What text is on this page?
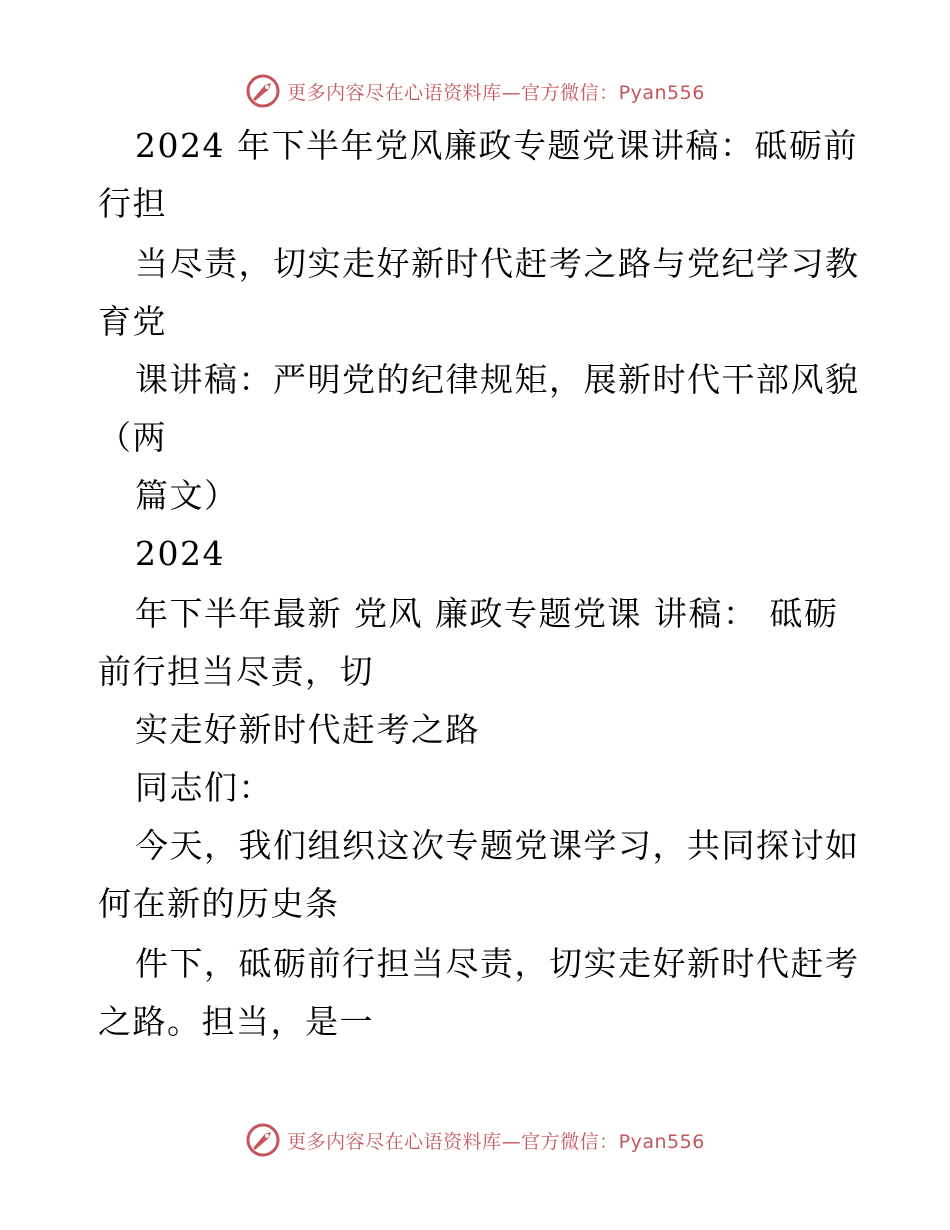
更多内容尽在心语资料库—官方微信：Pyan556
2024 年下半年党风廉政专题党课讲稿：砥砺前
行担
当尽责，切实走好新时代赶考之路与党纪学习教
育党
课讲稿：严明党的纪律规矩，展新时代干部风貌
（两
篇文）
2024
年下半年最新 党风 廉政专题党课 讲稿： 砥砺
前行担当尽责，切
实走好新时代赶考之路
同志们：
今天，我们组织这次专题党课学习，共同探讨如
何在新的历史条
件下，砥砺前行担当尽责，切实走好新时代赶考
之路。担当，是一
更多内容尽在心语资料库—官方微信：Pyan556
